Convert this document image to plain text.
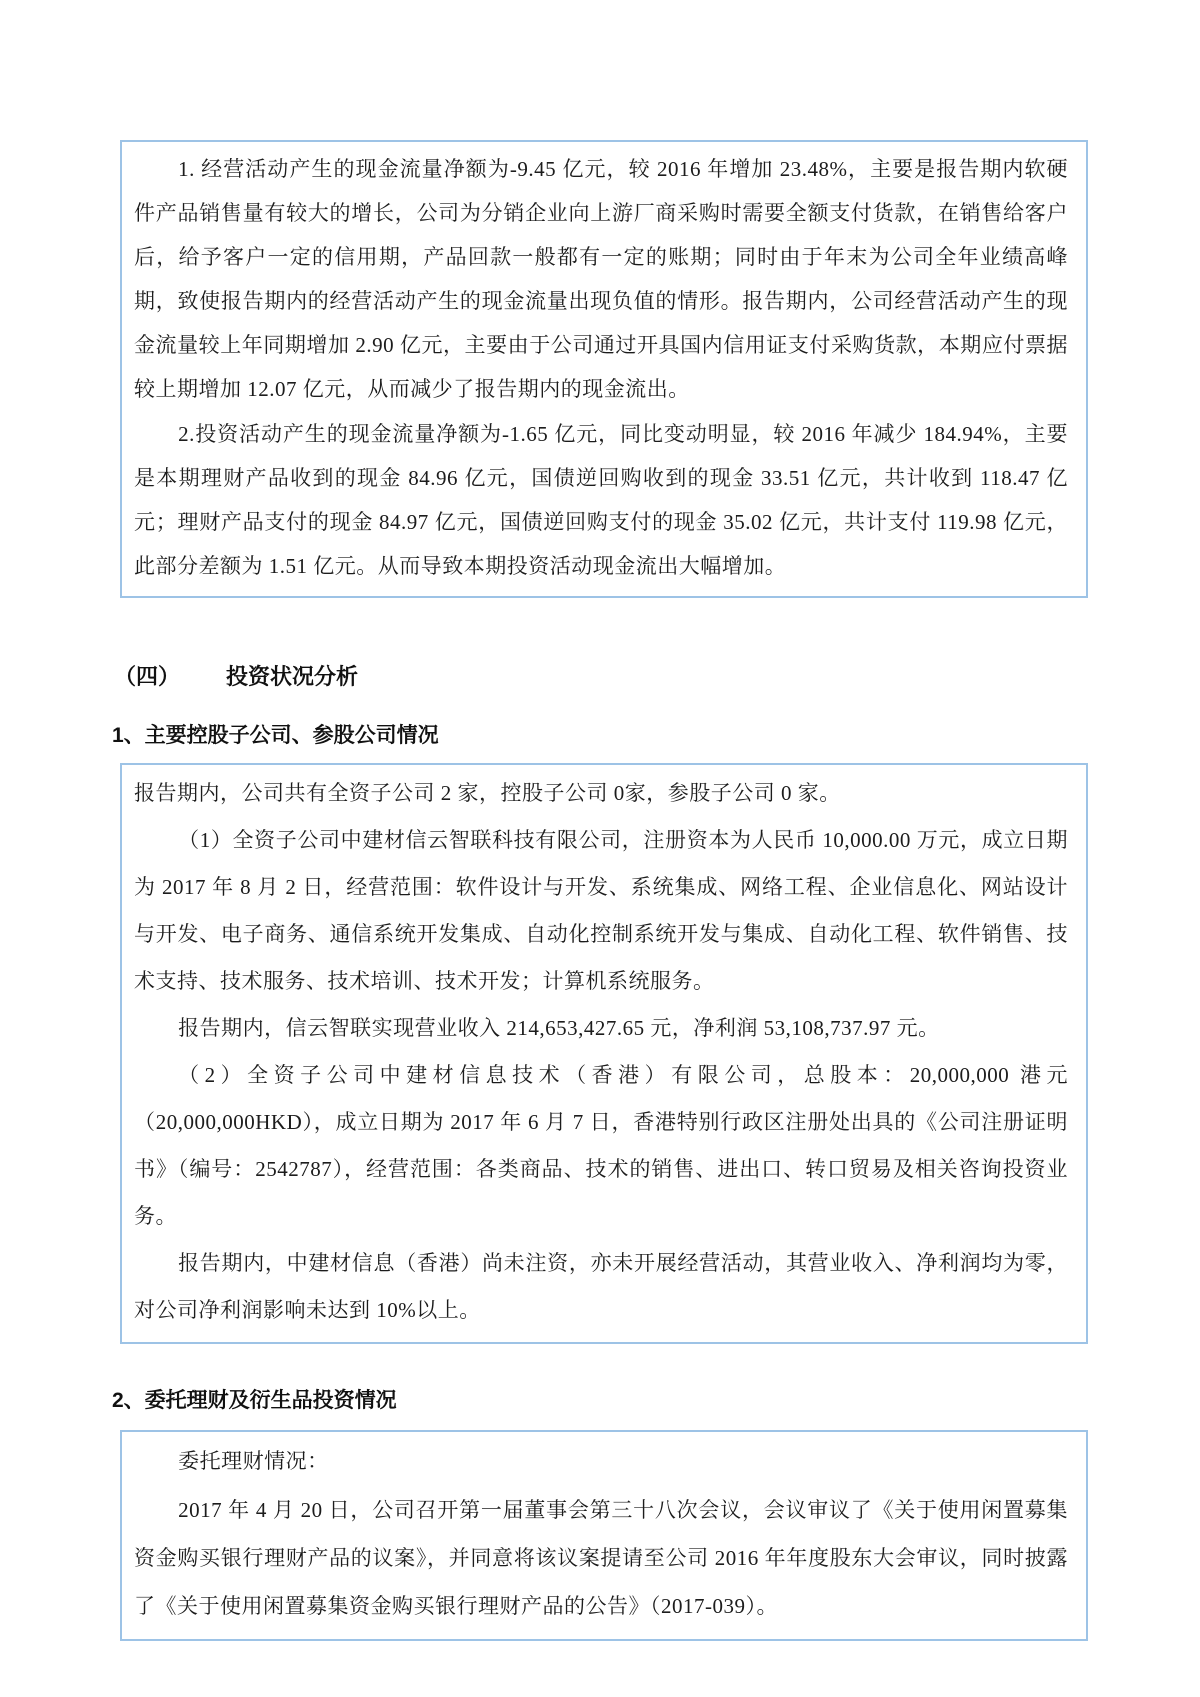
1. 经营活动产生的现金流量净额为-9.45 亿元，较 2016 年增加 23.48%，主要是报告期内软硬件产品销售量有较大的增长，公司为分销企业向上游厂商采购时需要全额支付货款，在销售给客户后，给予客户一定的信用期，产品回款一般都有一定的账期；同时由于年末为公司全年业绩高峰期，致使报告期内的经营活动产生的现金流量出现负值的情形。报告期内，公司经营活动产生的现金流量较上年同期增加 2.90 亿元，主要由于公司通过开具国内信用证支付采购货款，本期应付票据较上期增加 12.07 亿元，从而减少了报告期内的现金流出。

2.投资活动产生的现金流量净额为-1.65 亿元，同比变动明显，较 2016 年减少 184.94%，主要是本期理财产品收到的现金 84.96 亿元，国债逆回购收到的现金 33.51 亿元，共计收到 118.47 亿元；理财产品支付的现金 84.97 亿元，国债逆回购支付的现金 35.02 亿元，共计支付 119.98 亿元，此部分差额为 1.51 亿元。从而导致本期投资活动现金流出大幅增加。

（四） 投资状况分析
1、主要控股子公司、参股公司情况

报告期内，公司共有全资子公司 2 家，控股子公司 0家，参股子公司 0 家。

（1）全资子公司中建材信云智联科技有限公司，注册资本为人民币 10,000.00 万元，成立日期为 2017 年 8 月 2 日，经营范围：软件设计与开发、系统集成、网络工程、企业信息化、网站设计与开发、电子商务、通信系统开发集成、自动化控制系统开发与集成、自动化工程、软件销售、技术支持、技术服务、技术培训、技术开发；计算机系统服务。

报告期内，信云智联实现营业收入 214,653,427.65 元，净利润 53,108,737.97 元。

（2）全资子公司中建材信息技术（香港）有限公司，总股本：20,000,000 港元（20,000,000HKD），成立日期为 2017 年 6 月 7 日，香港特别行政区注册处出具的《公司注册证明书》（编号：2542787），经营范围：各类商品、技术的销售、进出口、转口贸易及相关咨询投资业务。

报告期内，中建材信息（香港）尚未注资，亦未开展经营活动，其营业收入、净利润均为零，对公司净利润影响未达到 10%以上。

2、委托理财及衍生品投资情况

委托理财情况：

2017 年 4 月 20 日，公司召开第一届董事会第三十八次会议，会议审议了《关于使用闲置募集资金购买银行理财产品的议案》，并同意将该议案提请至公司 2016 年年度股东大会审议，同时披露了《关于使用闲置募集资金购买银行理财产品的公告》（2017-039）。
